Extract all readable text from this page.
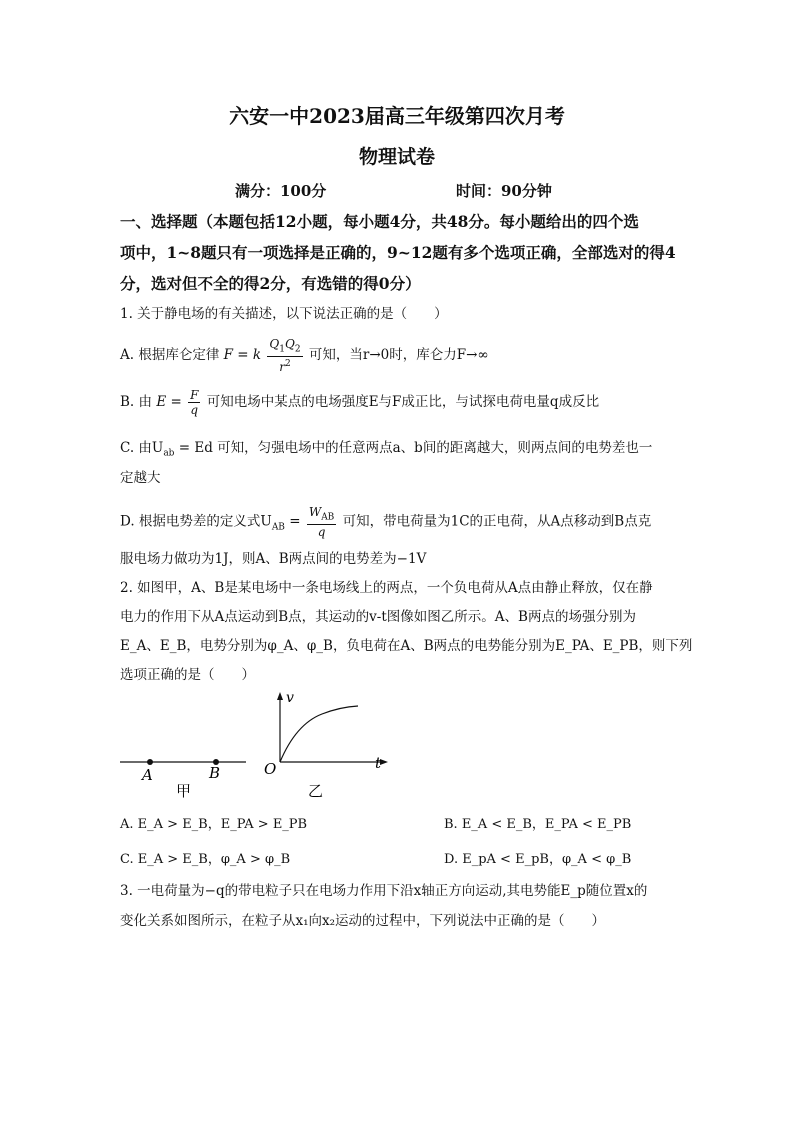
六安一中2023届高三年级第四次月考
物理试卷
满分：100分	时间：90分钟
一、选择题（本题包括12小题，每小题4分，共48分。每小题给出的四个选
项中，1~8题只有一项选择是正确的，9~12题有多个选项正确，全部选对的得4
分，选对但不全的得2分，有选错的得0分）
1. 关于静电场的有关描述，以下说法正确的是（　　）
A. 根据库仑定律 F = k $\frac{Q_1Q_2}{r^2}$ 可知，当r→0时，库仑力F→∞
B. 由 $E = \frac{F}{q}$ 可知电场中某点的电场强度E与F成正比，与试探电荷电量q成反比
C. 由$U_{ab} = Ed$ 可知，匀强电场中的任意两点a、b间的距离越大，则两点间的电势差也一
定越大
D. 根据电势差的定义式$U_{AB} = \frac{W_{AB}}{q}$ 可知，带电荷量为1C的正电荷，从A点移动到B点克
服电场力做功为1J，则A、B两点间的电势差为−1V
2. 如图甲，A、B是某电场中一条电场线上的两点，一个负电荷从A点由静止释放，仅在静
电力的作用下从A点运动到B点，其运动的v-t图像如图乙所示。A、B两点的场强分别为
E_A、E_B，电势分别为φ_A、φ_B，负电荷在A、B两点的电势能分别为E_PA、E_PB，则下列
选项正确的是（　　）
A	B
甲
v
O	t
乙
A. E_A > E_B，E_PA > E_PB	B. E_A < E_B，E_PA < E_PB
C. E_A > E_B，φ_A > φ_B	D. E_pA < E_pB，φ_A < φ_B
3. 一电荷量为−q的带电粒子只在电场力作用下沿x轴正方向运动,其电势能E_p随位置x的
变化关系如图所示，在粒子从x₁向x₂运动的过程中，下列说法中正确的是（　　）
